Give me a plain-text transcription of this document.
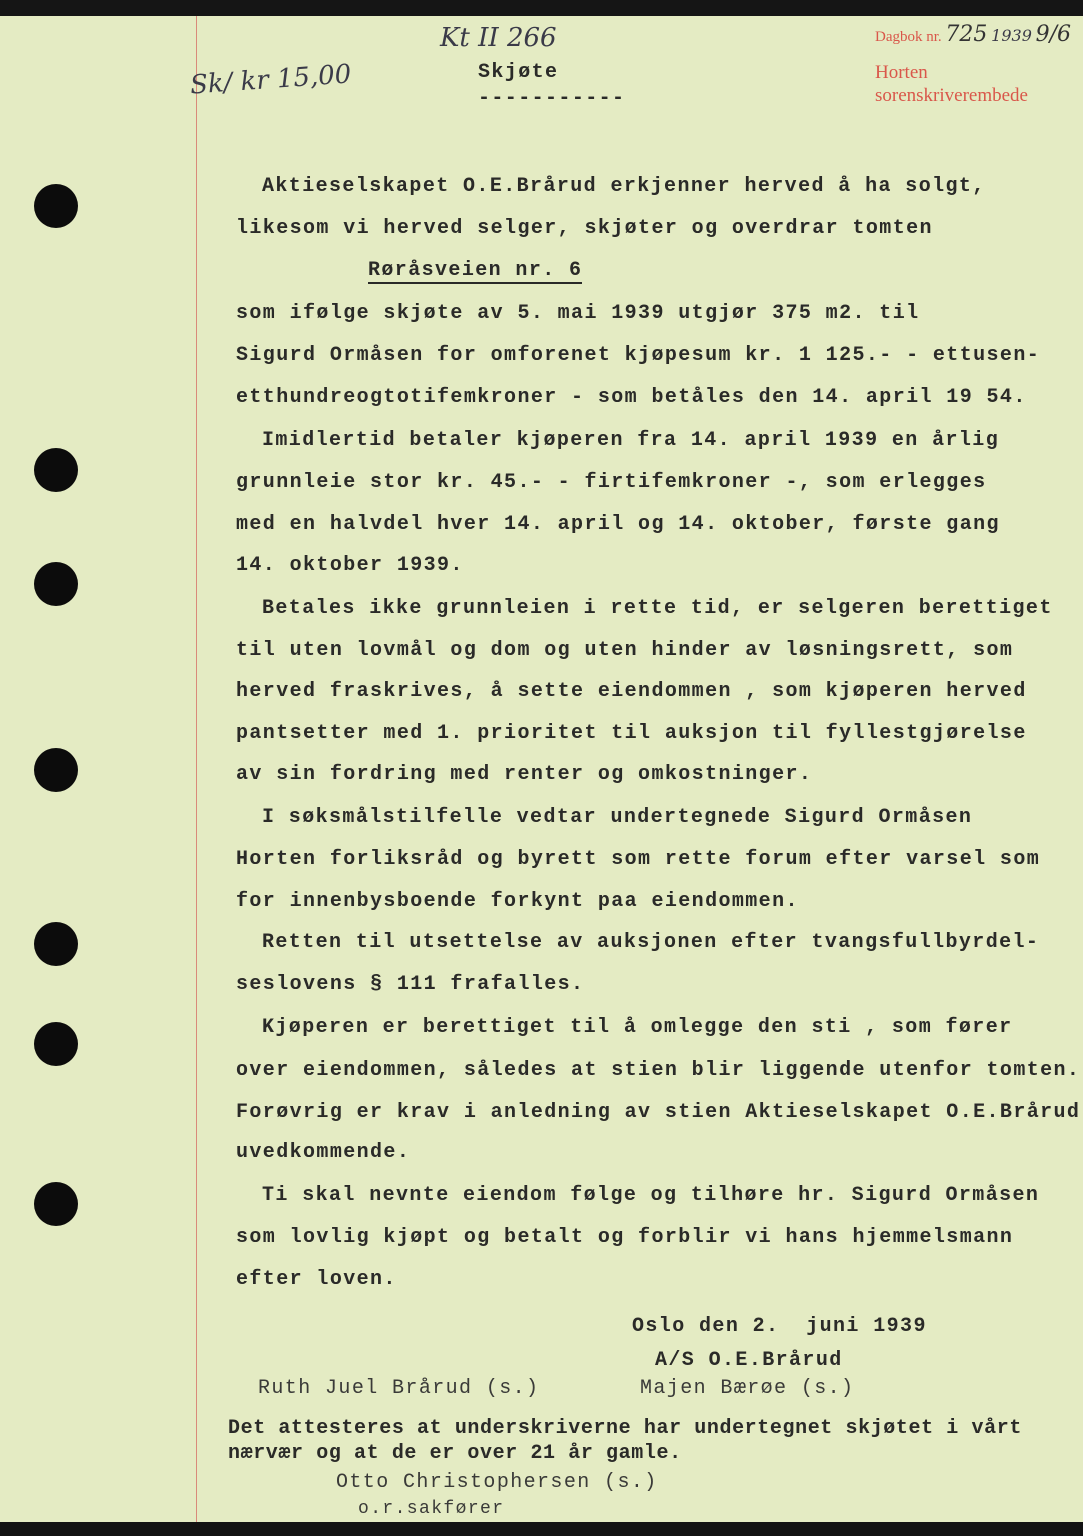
Dagbok nr. 725 1939 9/6
Horten sorenskriverembede
Kt II 266
Sk/ kr 15,00	Skjøte
-----------
Aktieselskapet O.E.Brårud erkjenner herved å ha solgt,
likesom vi herved selger, skjøter og overdrar tomten
Røråsveien nr. 6
som ifølge skjøte av 5. mai 1939 utgjør 375 m2. til
Sigurd Ormåsen for omforenet kjøpesum kr. 1 125.- - ettusen-
etthundreogtotifemkroner - som betåles den 14. april 19 54.
Imidlertid betaler kjøperen fra 14. april 1939 en årlig
grunnleie stor kr. 45.- - firtifemkroner -, som erlegges
med en halvdel hver 14. april og 14. oktober, første gang
14. oktober 1939.
Betales ikke grunnleien i rette tid, er selgeren berettiget
til uten lovmål og dom og uten hinder av løsningsrett, som
herved fraskrives, å sette eiendommen , som kjøperen herved
pantsetter med 1. prioritet til auksjon til fyllestgjørelse
av sin fordring med renter og omkostninger.
I søksmålstilfelle vedtar undertegnede Sigurd Ormåsen
Horten forliksråd og byrett som rette forum efter varsel som
for innenbysboende forkynt paa eiendommen.
Retten til utsettelse av auksjonen efter tvangsfullbyrdel-
seslovens § 111 frafalles.
Kjøperen er berettiget til å omlegge den sti , som fører
over eiendommen, således at stien blir liggende utenfor tomten.
Forøvrig er krav i anledning av stien Aktieselskapet O.E.Brårud
uvedkommende.
Ti skal nevnte eiendom følge og tilhøre hr. Sigurd Ormåsen
som lovlig kjøpt og betalt og forblir vi hans hjemmelsmann
efter loven.
Oslo den 2.  juni 1939
A/S O.E.Brårud
Ruth Juel Brårud (s.)	Majen Bærøe (s.)
Det attesteres at underskriverne har undertegnet skjøtet i vårt
nærvær og at de er over 21 år gamle.
Otto Christophersen (s.)
o.r.sakfører
